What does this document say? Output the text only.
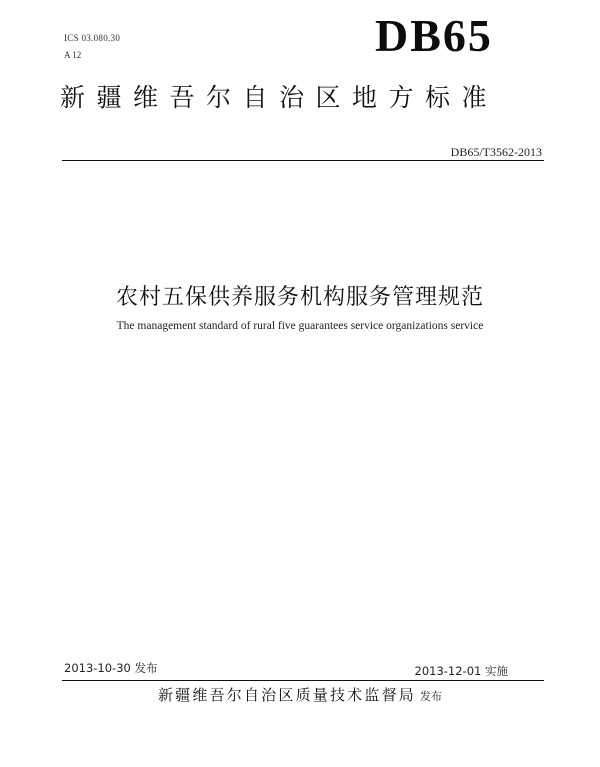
ICS 03.080.30
A 12	DB65
新疆维吾尔自治区地方标准
DB65/T3562-2013
农村五保供养服务机构服务管理规范
The management standard of rural five guarantees service organizations service
2013-10-30 发布	2013-12-01 实施
新疆维吾尔自治区质量技术监督局 发布
